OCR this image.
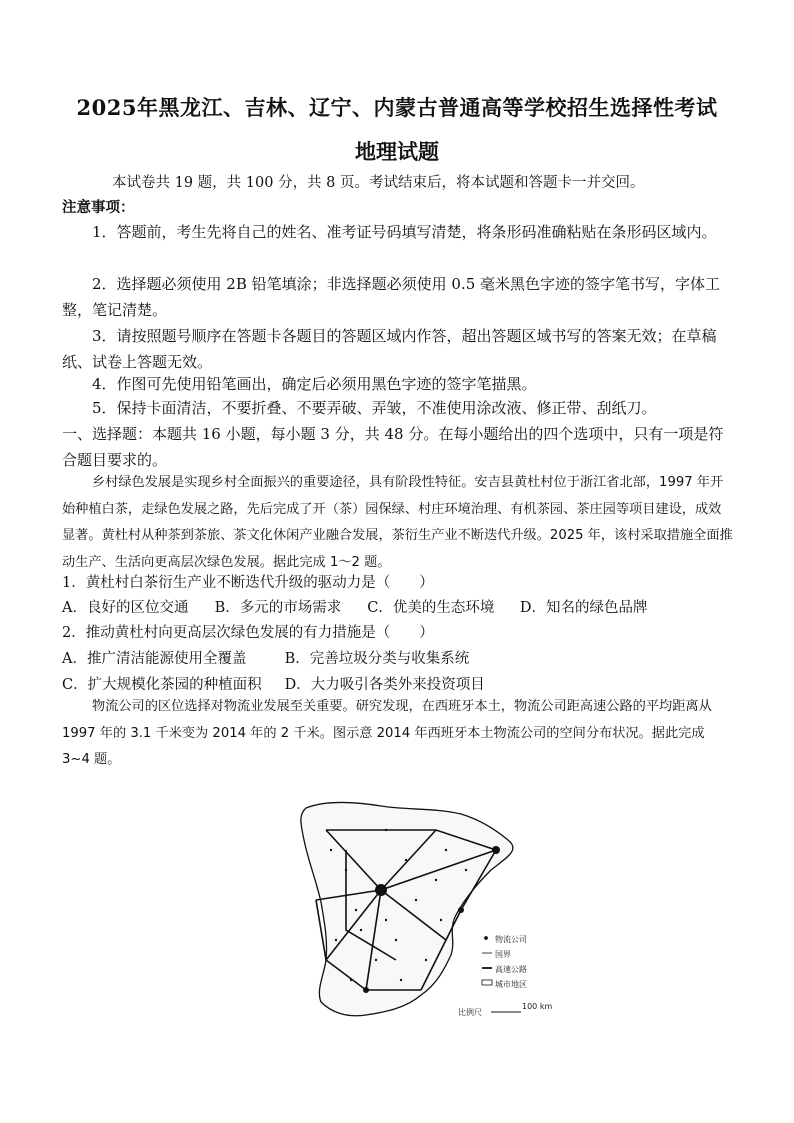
2025年黑龙江、吉林、辽宁、内蒙古普通高等学校招生选择性考试
地理试题
本试卷共 19 题，共 100 分，共 8 页。考试结束后，将本试题和答题卡一并交回。
注意事项：
1．答题前，考生先将自己的姓名、准考证号码填写清楚，将条形码准确粘贴在条形码区域内。
2．选择题必须使用 2B 铅笔填涂；非选择题必须使用 0.5 毫米黑色字迹的签字笔书写，字体工整，笔记清楚。
3．请按照题号顺序在答题卡各题目的答题区域内作答，超出答题区域书写的答案无效；在草稿纸、试卷上答题无效。
4．作图可先使用铅笔画出，确定后必须用黑色字迹的签字笔描黑。
5．保持卡面清洁，不要折叠、不要弄破、弄皱，不准使用涂改液、修正带、刮纸刀。
一、选择题：本题共 16 小题，每小题 3 分，共 48 分。在每小题给出的四个选项中，只有一项是符合题目要求的。
乡村绿色发展是实现乡村全面振兴的重要途径，具有阶段性特征。安吉县黄杜村位于浙江省北部，1997 年开始种植白茶，走绿色发展之路，先后完成了开（茶）园保绿、村庄环境治理、有机茶园、茶庄园等项目建设，成效显著。黄杜村从种茶到茶旅、茶文化休闲产业融合发展，茶衍生产业不断迭代升级。2025 年，该村采取措施全面推动生产、生活向更高层次绿色发展。据此完成 1～2 题。
1．黄杜村白茶衍生产业不断迭代升级的驱动力是（　　）
A．良好的区位交通 B．多元的市场需求 C．优美的生态环境 D．知名的绿色品牌
2．推动黄杜村向更高层次绿色发展的有力措施是（　　）
A．推广清洁能源使用全覆盖	B．完善垃圾分类与收集系统
C．扩大规模化茶园的种植面积 D．大力吸引各类外来投资项目
物流公司的区位选择对物流业发展至关重要。研究发现，在西班牙本土，物流公司距高速公路的平均距离从 1997 年的 3.1 千米变为 2014 年的 2 千米。图示意 2014 年西班牙本土物流公司的空间分布状况。据此完成 3~4 题。
物流公司
国界
高速公路
城市地区
比例尺
100 km
